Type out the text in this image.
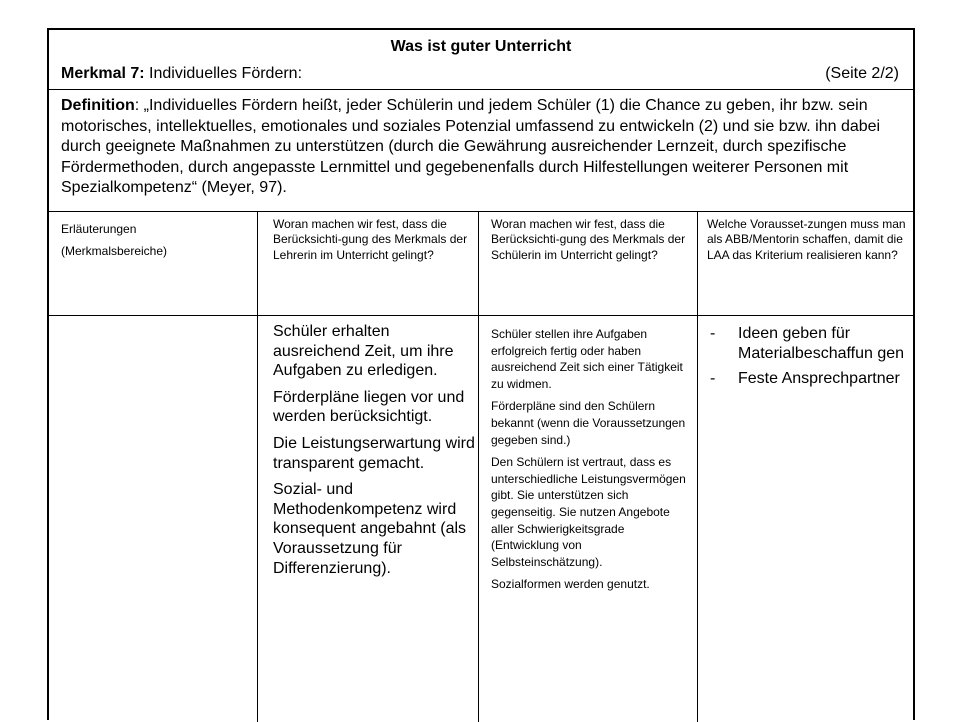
Was ist guter Unterricht
Merkmal 7: Individuelles Fördern:	(Seite 2/2)
Definition: „Individuelles Fördern heißt, jeder Schülerin und jedem Schüler (1) die Chance zu geben, ihr bzw. sein motorisches, intellektuelles, emotionales und soziales Potenzial umfassend zu entwickeln (2) und sie bzw. ihn dabei durch geeignete Maßnahmen zu unterstützen (durch die Gewährung ausreichender Lernzeit, durch spezifische Fördermethoden, durch angepasste Lernmittel und gegebenenfalls durch Hilfestellungen weiterer Personen mit Spezialkompetenz“ (Meyer, 97).
Erläuterungen
(Merkmalsbereiche)
Woran machen wir fest, dass die Berücksichti-gung des Merkmals der Lehrerin im Unterricht gelingt?
Woran machen wir fest, dass die Berücksichti-gung des Merkmals der Schülerin im Unterricht gelingt?
Welche Vorausset-zungen muss man als ABB/Mentorin schaffen, damit die LAA das Kriterium realisieren kann?

Schüler erhalten ausreichend Zeit, um ihre Aufgaben zu erledigen.

Förderpläne liegen vor und werden berücksichtigt.

Die Leistungserwartung wird transparent gemacht.

Sozial- und Methodenkompetenz wird konsequent angebahnt (als Voraussetzung für Differenzierung).

Schüler stellen ihre Aufgaben erfolgreich fertig oder haben ausreichend Zeit sich einer Tätigkeit zu widmen.

Förderpläne sind den Schülern bekannt (wenn die Voraussetzungen gegeben sind.)

Den Schülern ist vertraut, dass es unterschiedliche Leistungsvermögen gibt. Sie unterstützen sich gegenseitig. Sie nutzen Angebote aller Schwierigkeitsgrade (Entwicklung von Selbsteinschätzung).

Sozialformen werden genutzt.

- Ideen geben für Materialbeschaffun gen
- Feste Ansprechpartner
